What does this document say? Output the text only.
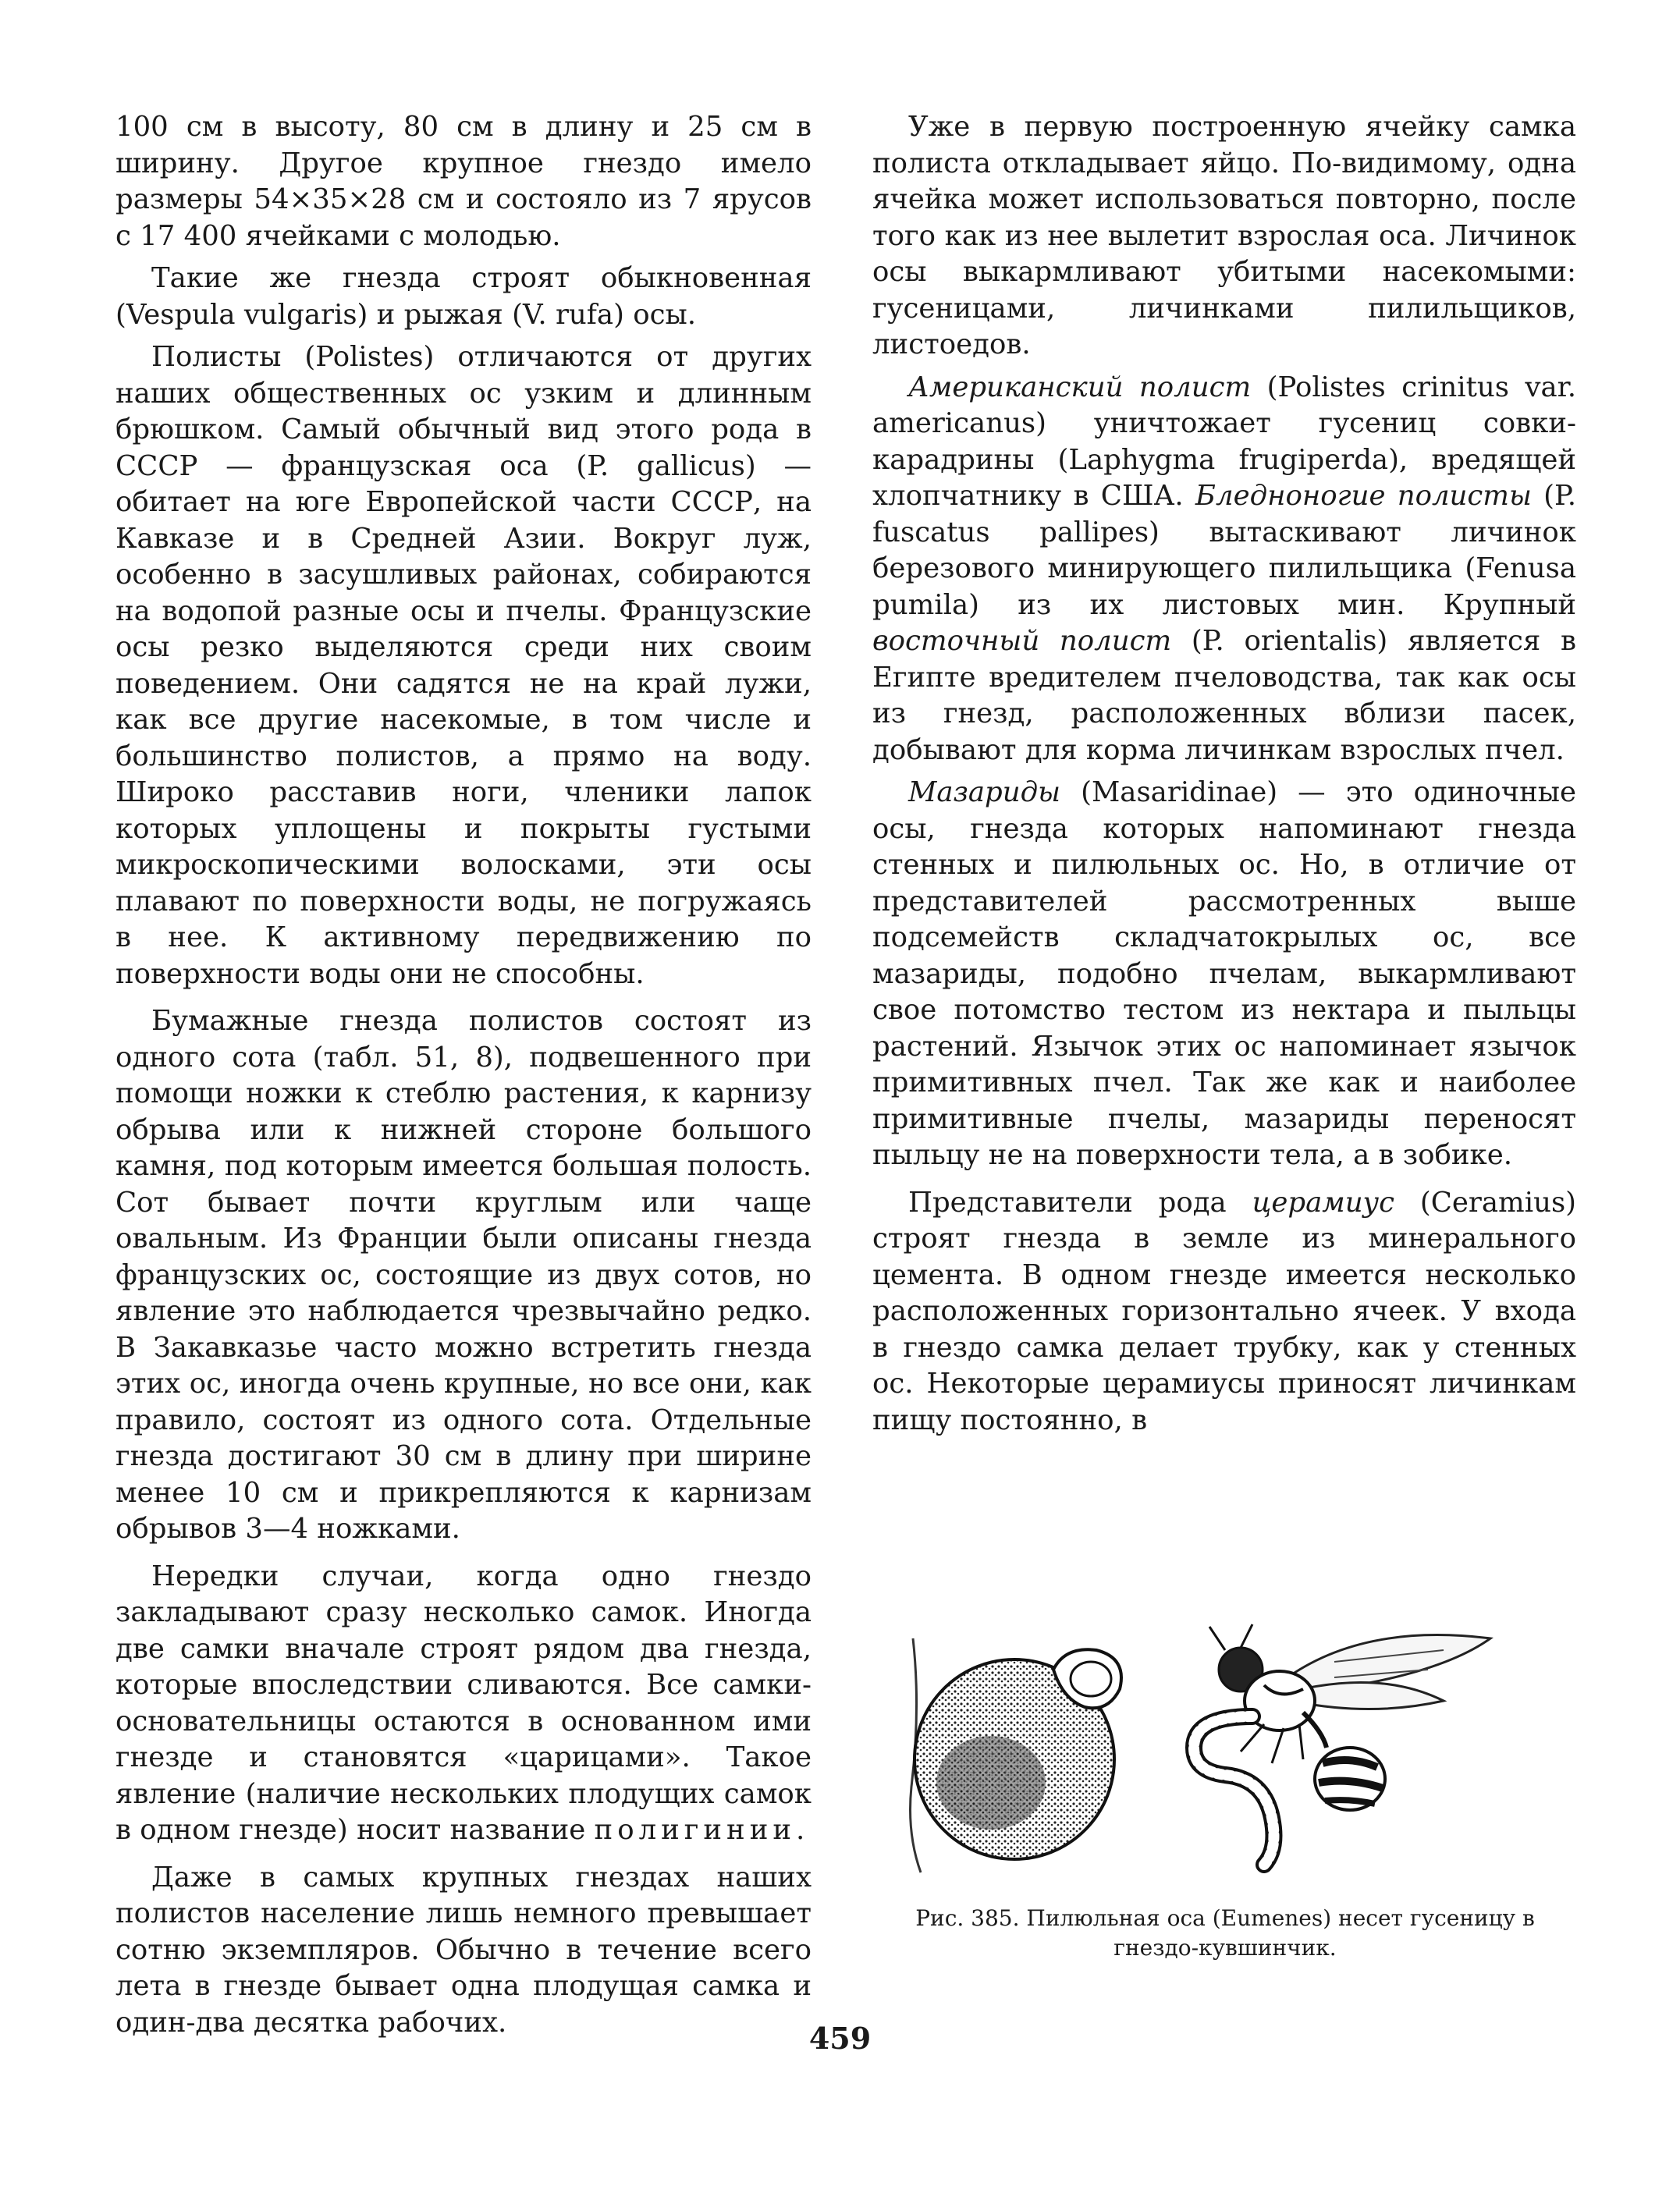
100 см в высоту, 80 см в длину и 25 см в ширину. Другое крупное гнездо имело размеры 54×35×28 см и состояло из 7 ярусов с 17 400 ячейками с молодью.

Такие же гнезда строят обыкновенная (Vespula vulgaris) и рыжая (V. rufa) осы.

Полисты (Polistes) отличаются от других наших общественных ос узким и длинным брюшком. Самый обычный вид этого рода в СССР — французская оса (P. gallicus) — обитает на юге Европейской части СССР, на Кавказе и в Средней Азии. Вокруг луж, особенно в засушливых районах, собираются на водопой разные осы и пчелы. Французские осы резко выделяются среди них своим поведением. Они садятся не на край лужи, как все другие насекомые, в том числе и большинство полистов, а прямо на воду. Широко расставив ноги, членики лапок которых уплощены и покрыты густыми микроскопическими волосками, эти осы плавают по поверхности воды, не погружаясь в нее. К активному передвижению по поверхности воды они не способны.

Бумажные гнезда полистов состоят из одного сота (табл. 51, 8), подвешенного при помощи ножки к стеблю растения, к карнизу обрыва или к нижней стороне большого камня, под которым имеется большая полость. Сот бывает почти круглым или чаще овальным. Из Франции были описаны гнезда французских ос, состоящие из двух сотов, но явление это наблюдается чрезвычайно редко. В Закавказье часто можно встретить гнезда этих ос, иногда очень крупные, но все они, как правило, состоят из одного сота. Отдельные гнезда достигают 30 см в длину при ширине менее 10 см и прикрепляются к карнизам обрывов 3—4 ножками.

Нередки случаи, когда одно гнездо закладывают сразу несколько самок. Иногда две самки вначале строят рядом два гнезда, которые впоследствии сливаются. Все самки-основательницы остаются в основанном ими гнезде и становятся «царицами». Такое явление (наличие нескольких плодущих самок в одном гнезде) носит название полигинии.

Даже в самых крупных гнездах наших полистов население лишь немного превышает сотню экземпляров. Обычно в течение всего лета в гнезде бывает одна плодущая самка и один-два десятка рабочих.

Уже в первую построенную ячейку самка полиста откладывает яйцо. По-видимому, одна ячейка может использоваться повторно, после того как из нее вылетит взрослая оса. Личинок осы выкармливают убитыми насекомыми: гусеницами, личинками пилильщиков, листоедов.

Американский полист (Polistes crinitus var. americanus) уничтожает гусениц совки-карадрины (Laphygma frugiperda), вредящей хлопчатнику в США. Бледноногие полисты (P. fuscatus pallipes) вытаскивают личинок березового минирующего пилильщика (Fenusa pumila) из их листовых мин. Крупный восточный полист (P. orientalis) является в Египте вредителем пчеловодства, так как осы из гнезд, расположенных вблизи пасек, добывают для корма личинкам взрослых пчел.

Мазариды (Masaridinae) — это одиночные осы, гнезда которых напоминают гнезда стенных и пилюльных ос. Но, в отличие от представителей рассмотренных выше подсемейств складчатокрылых ос, все мазариды, подобно пчелам, выкармливают свое потомство тестом из нектара и пыльцы растений. Язычок этих ос напоминает язычок примитивных пчел. Так же как и наиболее примитивные пчелы, мазариды переносят пыльцу не на поверхности тела, а в зобике.

Представители рода церамиус (Ceramius) строят гнезда в земле из минерального цемента. В одном гнезде имеется несколько расположенных горизонтально ячеек. У входа в гнездо самка делает трубку, как у стенных ос. Некоторые церамиусы приносят личинкам пищу постоянно, в

Рис. 385. Пилюльная оса (Eumenes) несет гусеницу в гнездо-кувшинчик.
459
